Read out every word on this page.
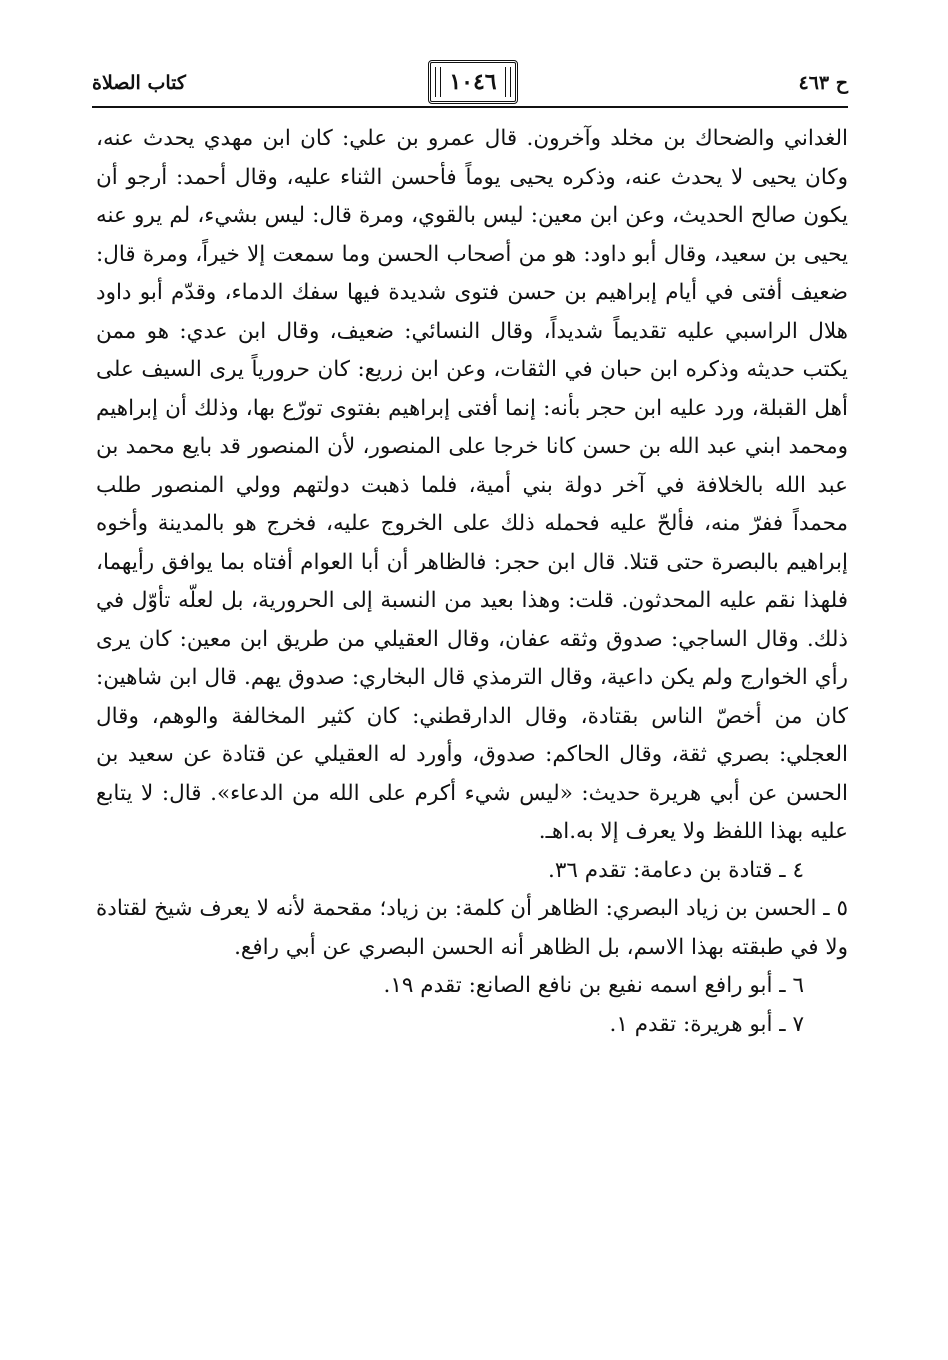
كتاب الصلاة	١٠٤٦	ح ٤٦٣

الغداني والضحاك بن مخلد وآخرون. قال عمرو بن علي: كان ابن مهدي يحدث عنه، وكان يحيى لا يحدث عنه، وذكره يحيى يوماً فأحسن الثناء عليه، وقال أحمد: أرجو أن يكون صالح الحديث، وعن ابن معين: ليس بالقوي، ومرة قال: ليس بشيء، لم يرو عنه يحيى بن سعيد، وقال أبو داود: هو من أصحاب الحسن وما سمعت إلا خيراً، ومرة قال: ضعيف أفتى في أيام إبراهيم بن حسن فتوى شديدة فيها سفك الدماء، وقدّم أبو داود هلال الراسبي عليه تقديماً شديداً، وقال النسائي: ضعيف، وقال ابن عدي: هو ممن يكتب حديثه وذكره ابن حبان في الثقات، وعن ابن زريع: كان حرورياً يرى السيف على أهل القبلة، ورد عليه ابن حجر بأنه: إنما أفتى إبراهيم بفتوى تورّع بها، وذلك أن إبراهيم ومحمد ابني عبد الله بن حسن كانا خرجا على المنصور، لأن المنصور قد بايع محمد بن عبد الله بالخلافة في آخر دولة بني أمية، فلما ذهبت دولتهم وولي المنصور طلب محمداً ففرّ منه، فألحّ عليه فحمله ذلك على الخروج عليه، فخرج هو بالمدينة وأخوه إبراهيم بالبصرة حتى قتلا. قال ابن حجر: فالظاهر أن أبا العوام أفتاه بما يوافق رأيهما، فلهذا نقم عليه المحدثون. قلت: وهذا بعيد من النسبة إلى الحرورية، بل لعلّه تأوّل في ذلك. وقال الساجي: صدوق وثقه عفان، وقال العقيلي من طريق ابن معين: كان يرى رأي الخوارج ولم يكن داعية، وقال الترمذي قال البخاري: صدوق يهم. قال ابن شاهين: كان من أخصّ الناس بقتادة، وقال الدارقطني: كان كثير المخالفة والوهم، وقال العجلي: بصري ثقة، وقال الحاكم: صدوق، وأورد له العقيلي عن قتادة عن سعيد بن الحسن عن أبي هريرة حديث: «ليس شيء أكرم على الله من الدعاء». قال: لا يتابع عليه بهذا اللفظ ولا يعرف إلا به.اهـ.

٤ ـ قتادة بن دعامة: تقدم ٣٦.

٥ ـ الحسن بن زياد البصري: الظاهر أن كلمة: بن زياد؛ مقحمة لأنه لا يعرف شيخ لقتادة ولا في طبقته بهذا الاسم، بل الظاهر أنه الحسن البصري عن أبي رافع.

٦ ـ أبو رافع اسمه نفيع بن نافع الصانع: تقدم ١٩.

٧ ـ أبو هريرة: تقدم ١.
